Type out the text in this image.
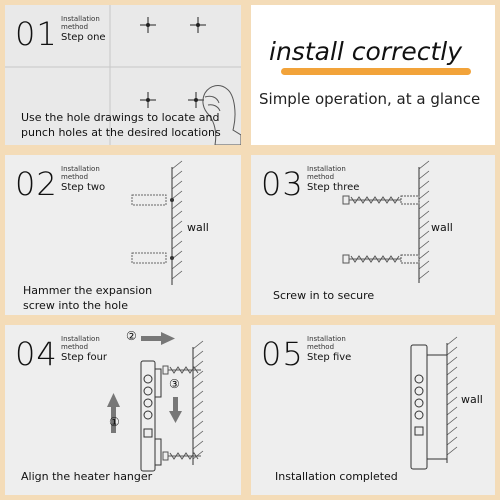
01 Installation
method
Step one
Use the hole drawings to locate and punch holes at the desired locations
install correctly
Simple operation, at a glance
02 Installation
method
Step two
wall
Hammer the expansion
screw into the hole
03 Installation
method
Step three
wall
Screw in to secure
04 Installation
method
Step four
①
②
③
Align the heater hanger
05 Installation
method
Step five
wall
Installation completed
